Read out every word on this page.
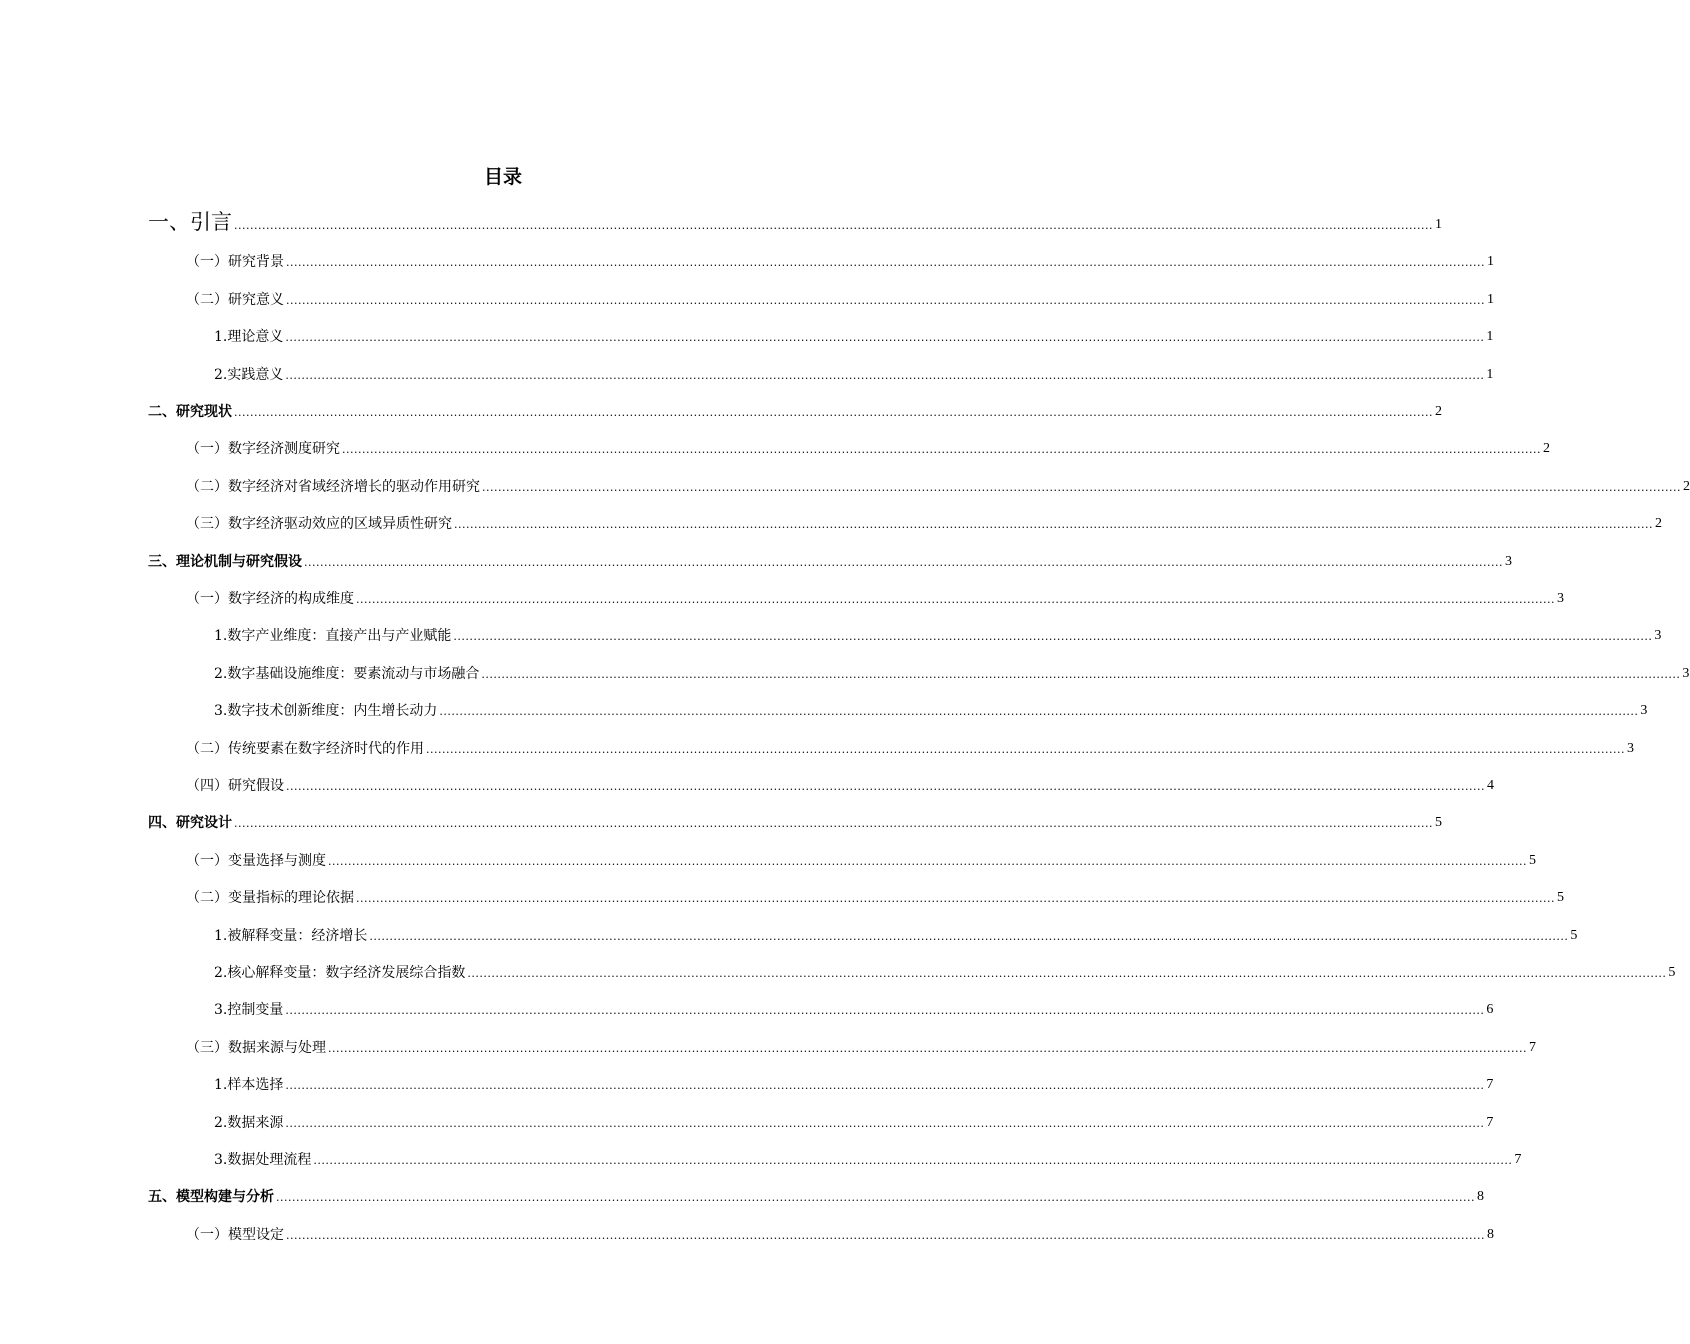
目录
一、引言 ............................................................................................................................................................................................................................................................................................................ 1
（一）研究背景 ............................................................................................................................................................................................................................................................................................................ 1
（二）研究意义 ............................................................................................................................................................................................................................................................................................................ 1
1.理论意义 ............................................................................................................................................................................................................................................................................................................ 1
2.实践意义 ............................................................................................................................................................................................................................................................................................................ 1
二、研究现状 ............................................................................................................................................................................................................................................................................................................ 2
（一）数字经济测度研究 ............................................................................................................................................................................................................................................................................................................ 2
（二）数字经济对省域经济增长的驱动作用研究 ............................................................................................................................................................................................................................................................................................................ 2
（三）数字经济驱动效应的区域异质性研究 ............................................................................................................................................................................................................................................................................................................ 2
三、理论机制与研究假设 ............................................................................................................................................................................................................................................................................................................ 3
（一）数字经济的构成维度 ............................................................................................................................................................................................................................................................................................................ 3
1.数字产业维度：直接产出与产业赋能 ............................................................................................................................................................................................................................................................................................................ 3
2.数字基础设施维度：要素流动与市场融合 ............................................................................................................................................................................................................................................................................................................ 3
3.数字技术创新维度：内生增长动力 ............................................................................................................................................................................................................................................................................................................ 3
（二）传统要素在数字经济时代的作用 ............................................................................................................................................................................................................................................................................................................ 3
（四）研究假设 ............................................................................................................................................................................................................................................................................................................ 4
四、研究设计 ............................................................................................................................................................................................................................................................................................................ 5
（一）变量选择与测度 ............................................................................................................................................................................................................................................................................................................ 5
（二）变量指标的理论依据 ............................................................................................................................................................................................................................................................................................................ 5
1.被解释变量：经济增长 ............................................................................................................................................................................................................................................................................................................ 5
2.核心解释变量：数字经济发展综合指数 ............................................................................................................................................................................................................................................................................................................ 5
3.控制变量 ............................................................................................................................................................................................................................................................................................................ 6
（三）数据来源与处理 ............................................................................................................................................................................................................................................................................................................ 7
1.样本选择 ............................................................................................................................................................................................................................................................................................................ 7
2.数据来源 ............................................................................................................................................................................................................................................................................................................ 7
3.数据处理流程 ............................................................................................................................................................................................................................................................................................................ 7
五、模型构建与分析 ............................................................................................................................................................................................................................................................................................................ 8
（一）模型设定 ............................................................................................................................................................................................................................................................................................................ 8
